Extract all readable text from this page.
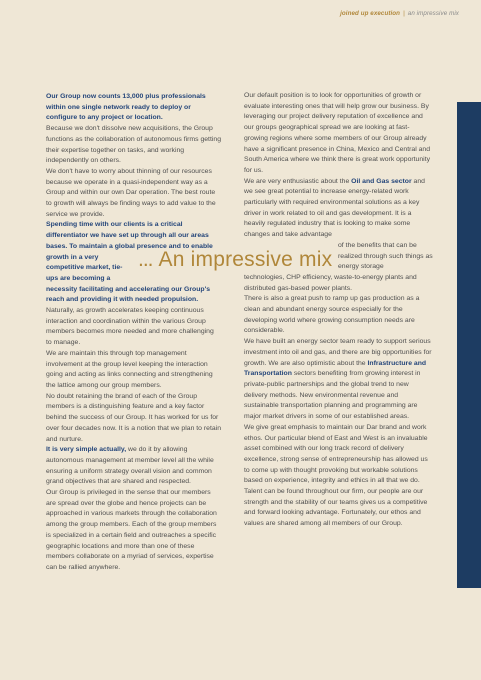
joined up execution | an impressive mix

Our Group now counts 13,000 plus professionals within one single network ready to deploy or configure to any project or location.

Because we don't dissolve new acquisitions, the Group functions as the collaboration of autonomous firms getting their expertise together on tasks, and working independently on others.

We don't have to worry about thinning of our resources because we operate in a quasi-independent way as a Group and within our own Dar operation. The best route to growth will always be finding ways to add value to the service we provide.

Spending time with our clients is a critical differentiator we have set up through all our areas bases. To maintain a global presence and to enable

growth in a very competitive market, tie-ups are becoming a

necessity facilitating and accelerating our Group's reach and providing it with needed propulsion.

Naturally, as growth accelerates keeping continuous interaction and coordination within the various Group members becomes more needed and more challenging to manage.

We are maintain this through top management involvement at the group level keeping the interaction going and acting as links connecting and strengthening the lattice among our group members.

No doubt retaining the brand of each of the Group members is a distinguishing feature and a key factor behind the success of our Group. It has worked for us for over four decades now. It is a notion that we plan to retain and nurture.

It is very simple actually, we do it by allowing autonomous management at member level all the while ensuring a uniform strategy overall vision and common grand objectives that are shared and respected.

Our Group is privileged in the sense that our members are spread over the globe and hence projects can be approached in various markets through the collaboration among the group members. Each of the group members is specialized in a certain field and outreaches a specific geographic locations and more than one of these members collaborate on a myriad of services, expertise can be rallied anywhere.

... An impressive mix

Our default position is to look for opportunities of growth or evaluate interesting ones that will help grow our business. By leveraging our project delivery reputation of excellence and our groups geographical spread we are looking at fast-growing regions where some members of our Group already have a significant presence in China, Mexico and Central and South America where we think there is great work opportunity for us.

We are very enthusiastic about the Oil and Gas sector and we see great potential to increase energy-related work particularly with required environmental solutions as a key driver in work related to oil and gas development. It is a heavily regulated industry that is looking to make some changes and take advantage

of the benefits that can be realized through such things as energy storage

technologies, CHP efficiency, waste-to-energy plants and distributed gas-based power plants.

There is also a great push to ramp up gas production as a clean and abundant energy source especially for the developing world where growing consumption needs are considerable.

We have built an energy sector team ready to support serious investment into oil and gas, and there are big opportunities for growth. We are also optimistic about the Infrastructure and Transportation sectors benefiting from growing interest in private-public partnerships and the global trend to new delivery methods. New environmental revenue and sustainable transportation planning and programming are major market drivers in some of our established areas.

We give great emphasis to maintain our Dar brand and work ethos. Our particular blend of East and West is an invaluable asset combined with our long track record of delivery excellence, strong sense of entrepreneurship has allowed us to come up with thought provoking but workable solutions based on experience, integrity and ethics in all that we do. Talent can be found throughout our firm, our people are our strength and the stability of our teams gives us a competitive and forward looking advantage. Fortunately, our ethos and values are shared among all members of our Group.
